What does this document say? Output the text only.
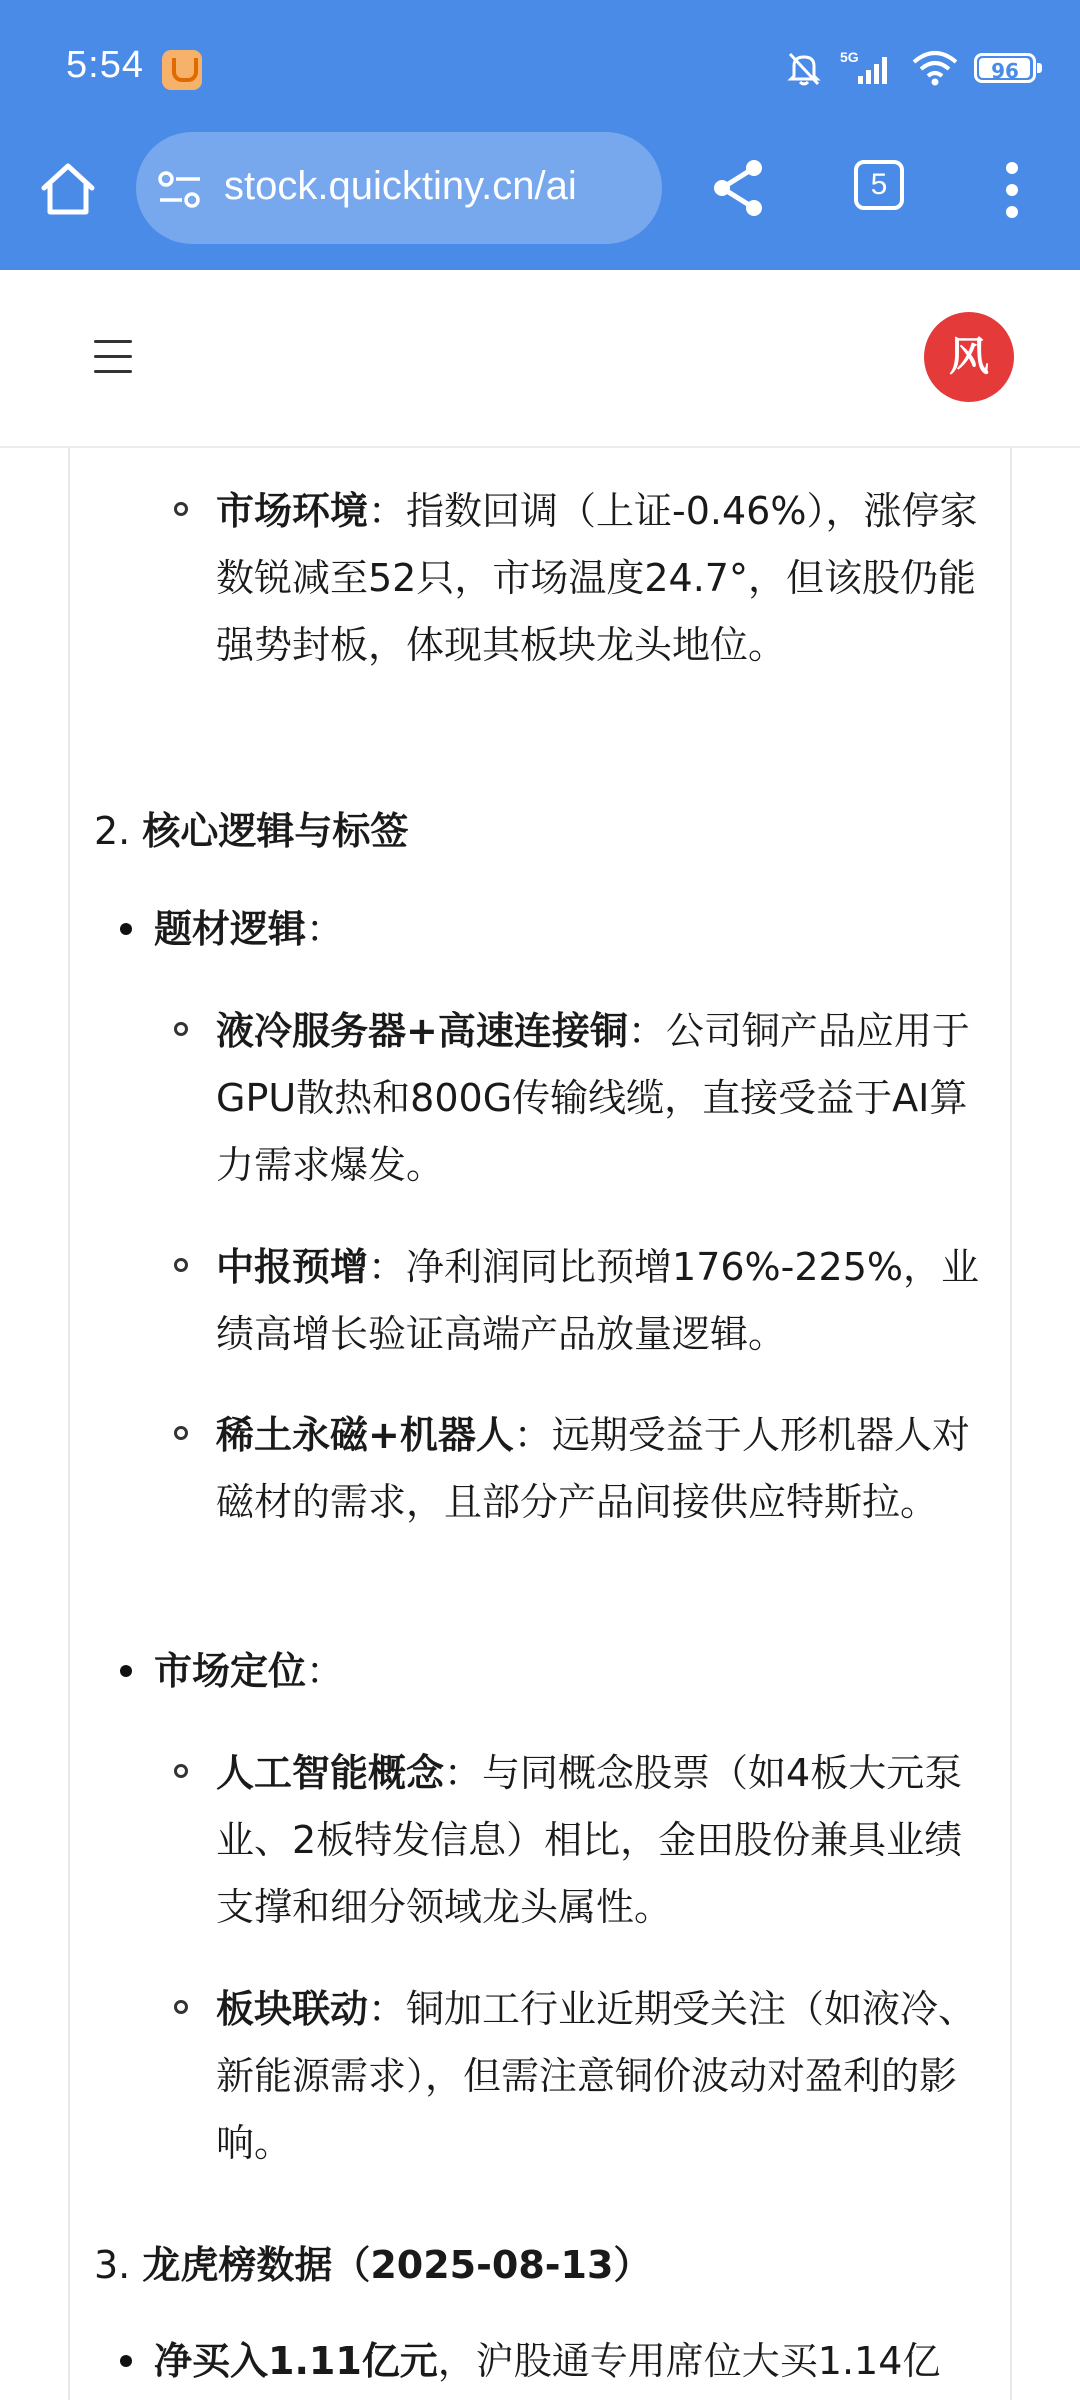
5:54	5G
96
stock.quicktiny.cn/ai	5
风
市场环境：指数回调（上证-0.46%），涨停家数锐减至52只，市场温度24.7°，但该股仍能强势封板，体现其板块龙头地位。
2. 核心逻辑与标签
题材逻辑：
液冷服务器+高速连接铜：公司铜产品应用于GPU散热和800G传输线缆，直接受益于AI算力需求爆发。
中报预增：净利润同比预增176%-225%，业绩高增长验证高端产品放量逻辑。
稀土永磁+机器人：远期受益于人形机器人对磁材的需求，且部分产品间接供应特斯拉。
市场定位：
人工智能概念：与同概念股票（如4板大元泵业、2板特发信息）相比，金田股份兼具业绩支撑和细分领域龙头属性。
板块联动：铜加工行业近期受关注（如液冷、新能源需求），但需注意铜价波动对盈利的影响。
3. 龙虎榜数据（2025-08-13）
净买入1.11亿元，沪股通专用席位大买1.14亿
